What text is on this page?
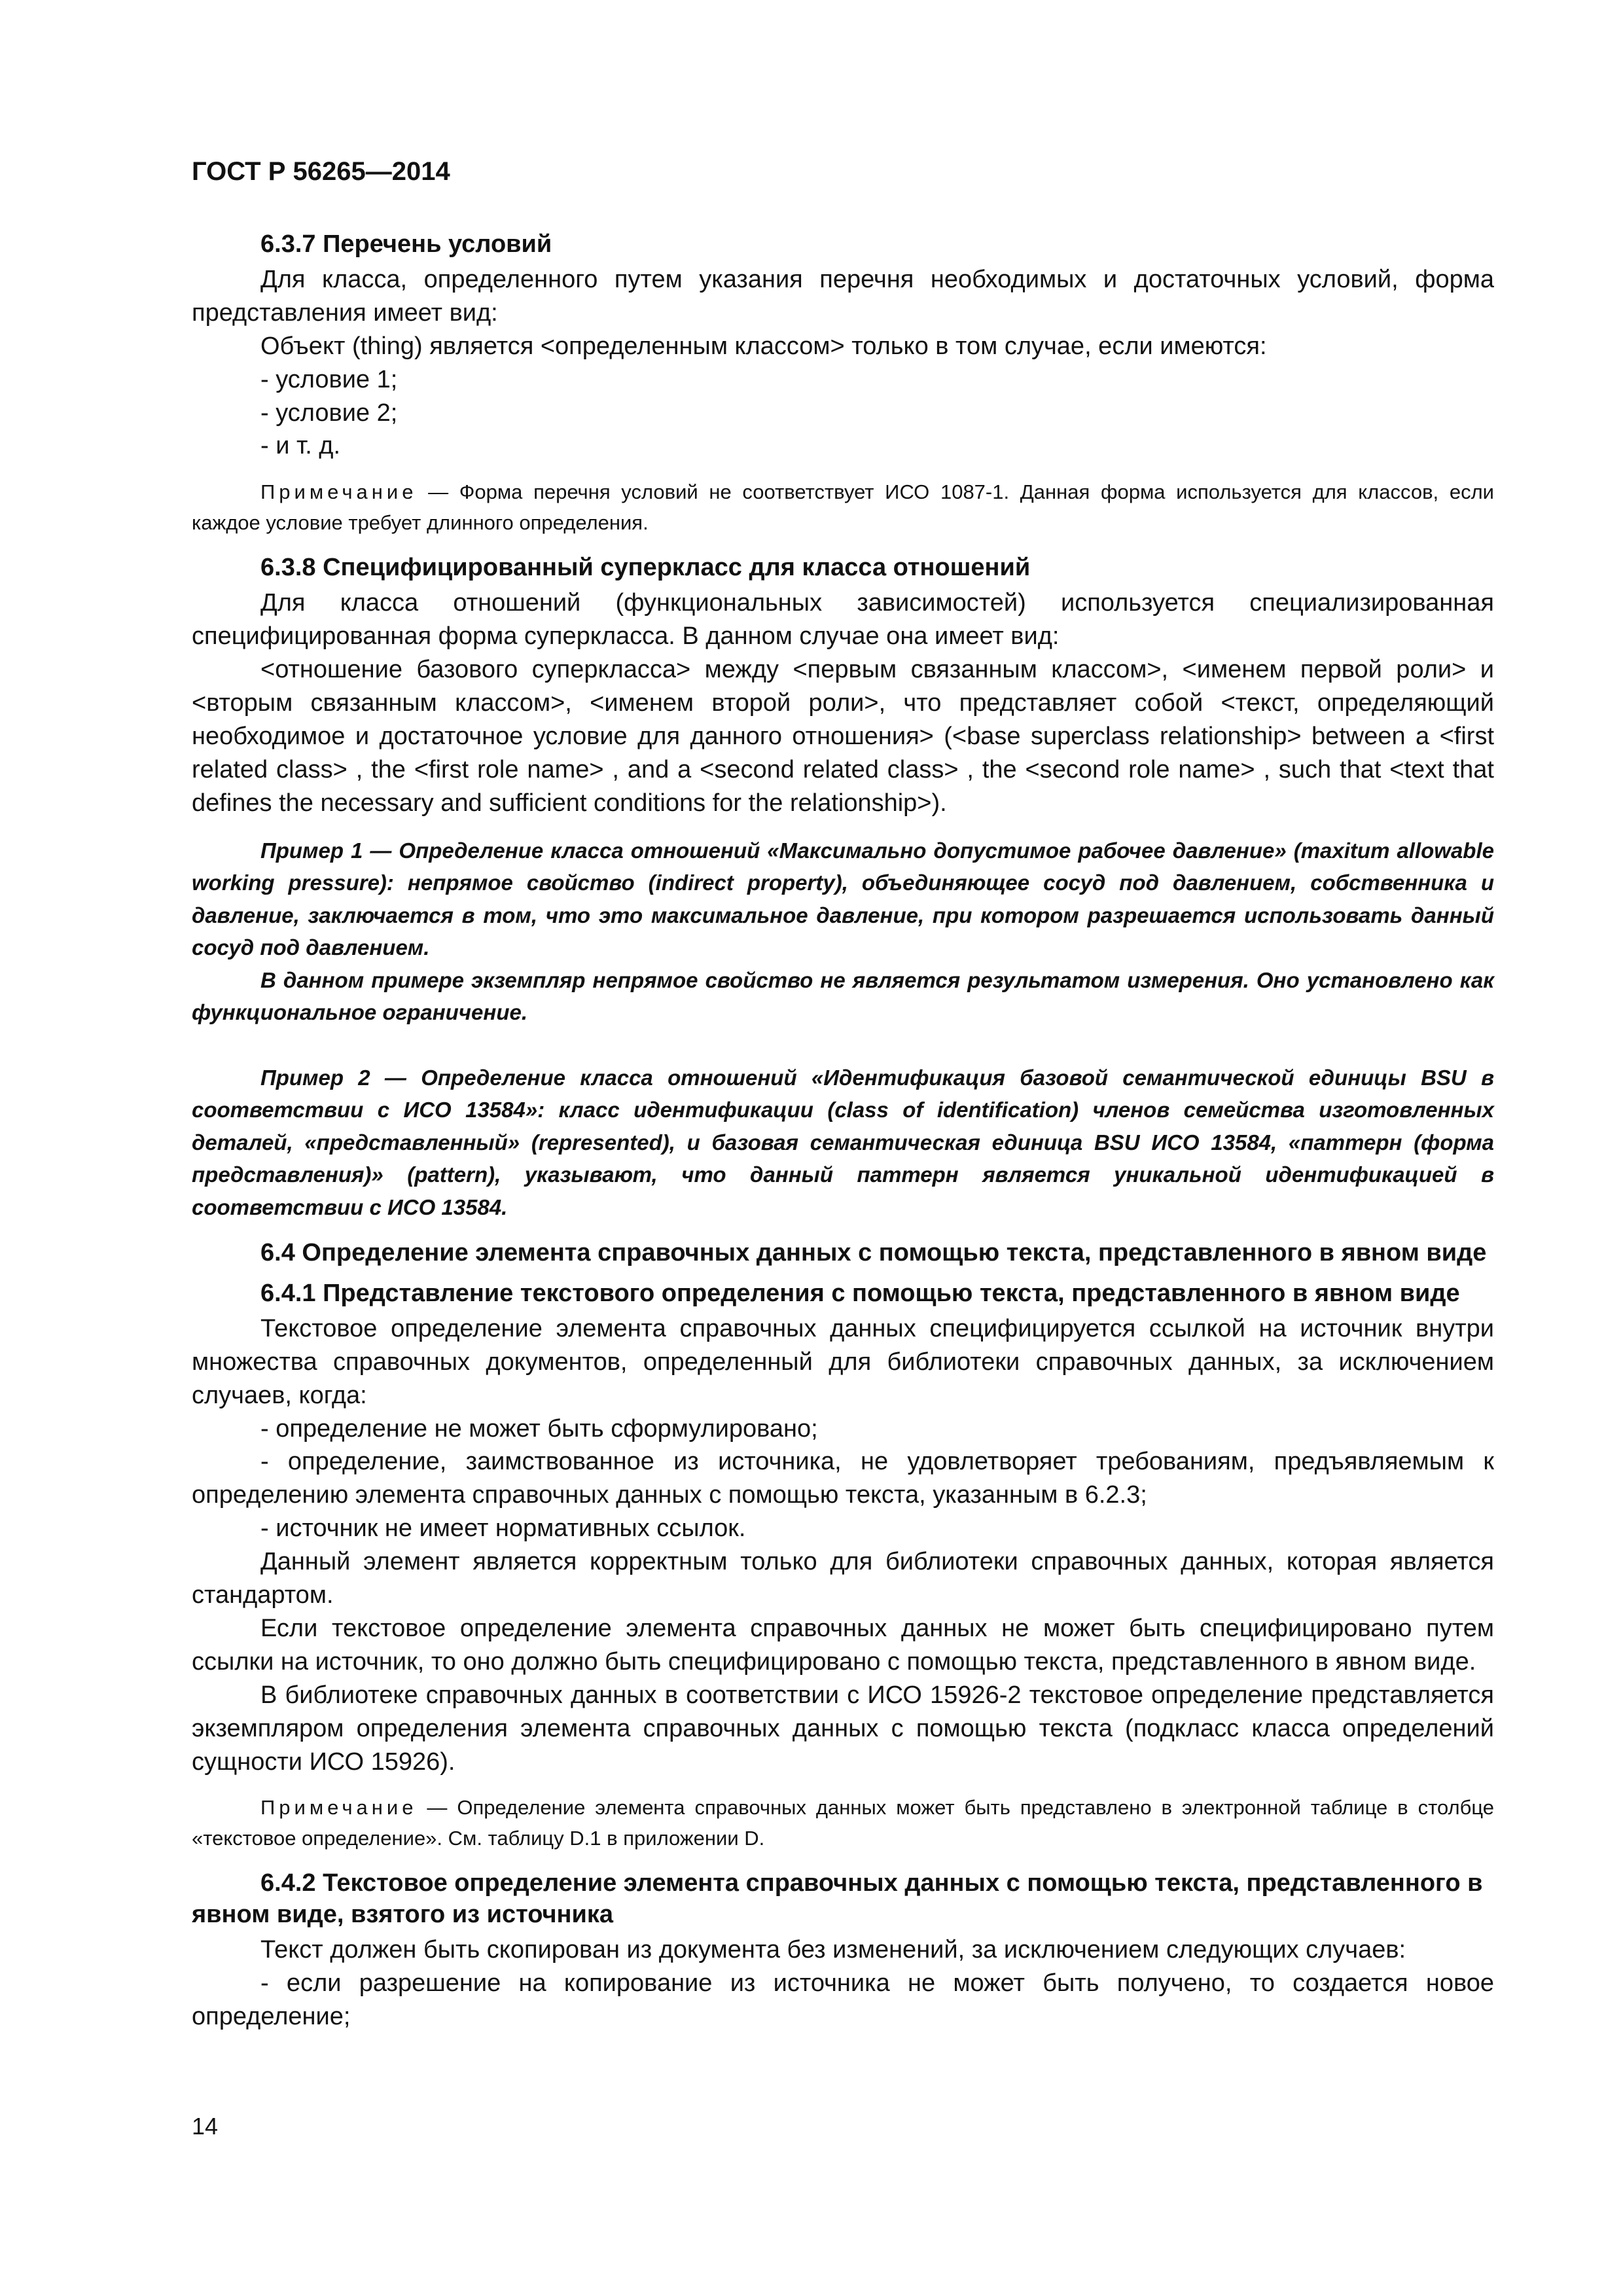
ГОСТ Р 56265—2014
6.3.7 Перечень условий

Для класса, определенного путем указания перечня необходимых и достаточных условий, форма представления имеет вид:

Объект (thing) является <определенным классом> только в том случае, если имеются:

- условие 1;

- условие 2;

- и т. д.

Примечание — Форма перечня условий не соответствует ИСО 1087-1. Данная форма используется для классов, если каждое условие требует длинного определения.

6.3.8 Специфицированный суперкласс для класса отношений

Для класса отношений (функциональных зависимостей) используется специализированная специфицированная форма суперкласса. В данном случае она имеет вид:

<отношение базового суперкласса> между <первым связанным классом>, <именем первой роли> и <вторым связанным классом>, <именем второй роли>, что представляет собой <текст, определяющий необходимое и достаточное условие для данного отношения> (<base superclass relationship> between a <first related class> , the <first role name> , and a <second related class> , the <second role name> , such that <text that defines the necessary and sufficient conditions for the relationship>).

Пример 1 — Определение класса отношений «Максимально допустимое рабочее давление» (maxitum allowable working pressure): непрямое свойство (indirect property), объединяющее сосуд под давлением, собственника и давление, заключается в том, что это максимальное давление, при котором разрешается использовать данный сосуд под давлением.

В данном примере экземпляр непрямое свойство не является результатом измерения. Оно установлено как функциональное ограничение.

Пример 2 — Определение класса отношений «Идентификация базовой семантической единицы BSU в соответствии с ИСО 13584»: класс идентификации (class of identification) членов семейства изготовленных деталей, «представленный» (represented), и базовая семантическая единица BSU ИСО 13584, «паттерн (форма представления)» (pattern), указывают, что данный паттерн является уникальной идентификацией в соответствии с ИСО 13584.

6.4 Определение элемента справочных данных с помощью текста, представленного в явном виде
6.4.1 Представление текстового определения с помощью текста, представленного в явном виде

Текстовое определение элемента справочных данных специфицируется ссылкой на источник внутри множества справочных документов, определенный для библиотеки справочных данных, за исключением случаев, когда:

- определение не может быть сформулировано;

- определение, заимствованное из источника, не удовлетворяет требованиям, предъявляемым к определению элемента справочных данных с помощью текста, указанным в 6.2.3;

- источник не имеет нормативных ссылок.

Данный элемент является корректным только для библиотеки справочных данных, которая является стандартом.

Если текстовое определение элемента справочных данных не может быть специфицировано путем ссылки на источник, то оно должно быть специфицировано с помощью текста, представленного в явном виде.

В библиотеке справочных данных в соответствии с ИСО 15926-2 текстовое определение представляется экземпляром определения элемента справочных данных с помощью текста (подкласс класса определений сущности ИСО 15926).

Примечание — Определение элемента справочных данных может быть представлено в электронной таблице в столбце «текстовое определение». См. таблицу D.1 в приложении D.

6.4.2 Текстовое определение элемента справочных данных с помощью текста, представленного в явном виде, взятого из источника

Текст должен быть скопирован из документа без изменений, за исключением следующих случаев:

- если разрешение на копирование из источника не может быть получено, то создается новое определение;

14
